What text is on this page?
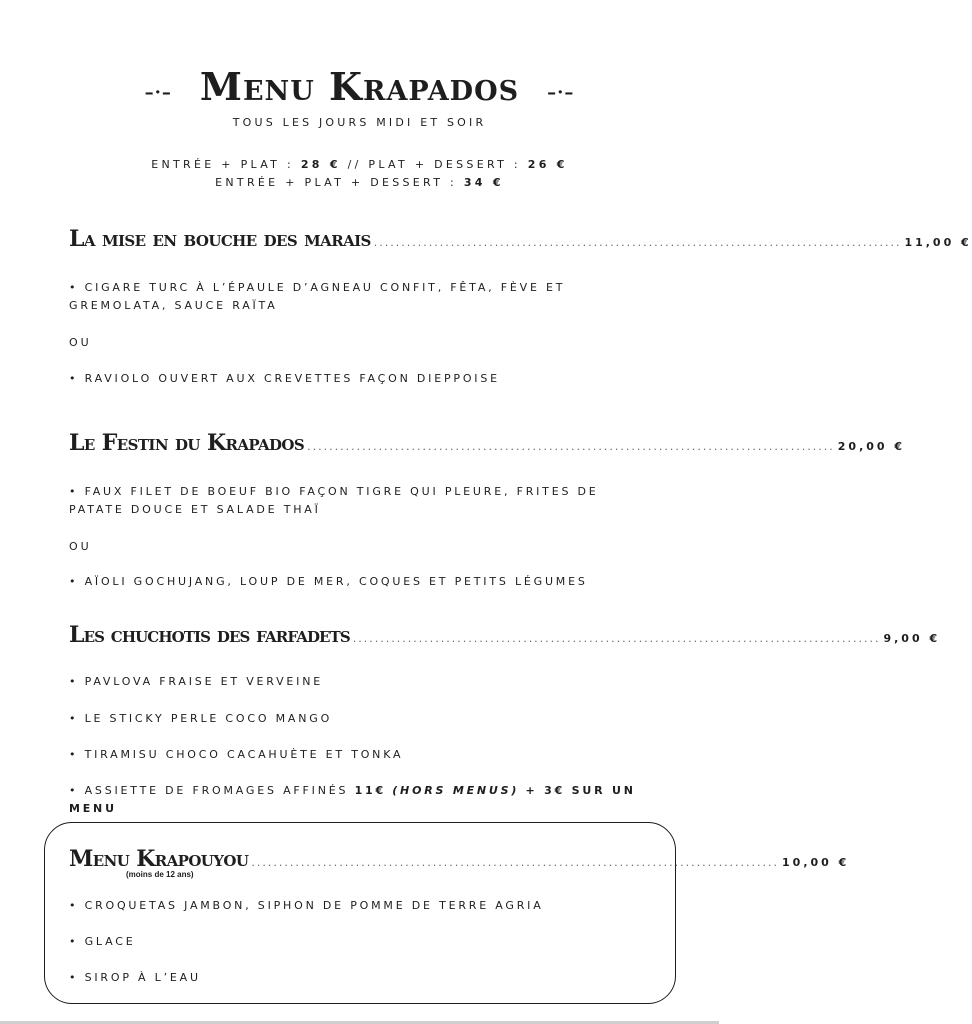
–·– Menu Krapados –·–
TOUS LES JOURS MIDI ET SOIR
ENTRÉE + PLAT : 28 € // PLAT + DESSERT : 26 €
ENTRÉE + PLAT + DESSERT : 34 €
La mise en bouche des marais ................................................................................................ 11,00 €
• CIGARE TURC À L’ÉPAULE D’AGNEAU CONFIT, FÊTA, FÈVE ET GREMOLATA, SAUCE RAÏTA
OU
• RAVIOLO OUVERT AUX CREVETTES FAÇON DIEPPOISE
Le Festin du Krapados ................................................................................................ 20,00 €
• FAUX FILET DE BOEUF BIO FAÇON TIGRE QUI PLEURE, FRITES DE PATATE DOUCE ET SALADE THAÏ
OU
• AÏOLI GOCHUJANG, LOUP DE MER, COQUES ET PETITS LÉGUMES
Les chuchotis des farfadets ................................................................................................ 9,00 €
• PAVLOVA FRAISE ET VERVEINE
• LE STICKY PERLE COCO MANGO
• TIRAMISU CHOCO CACAHUÈTE ET TONKA
• ASSIETTE DE FROMAGES AFFINÉS 11€ (HORS MENUS) + 3€ SUR UN MENU
Menu Krapouyou ................................................................................................ 10,00 €
(moins de 12 ans)
• CROQUETAS JAMBON, SIPHON DE POMME DE TERRE AGRIA
• GLACE
• SIROP À L’EAU
